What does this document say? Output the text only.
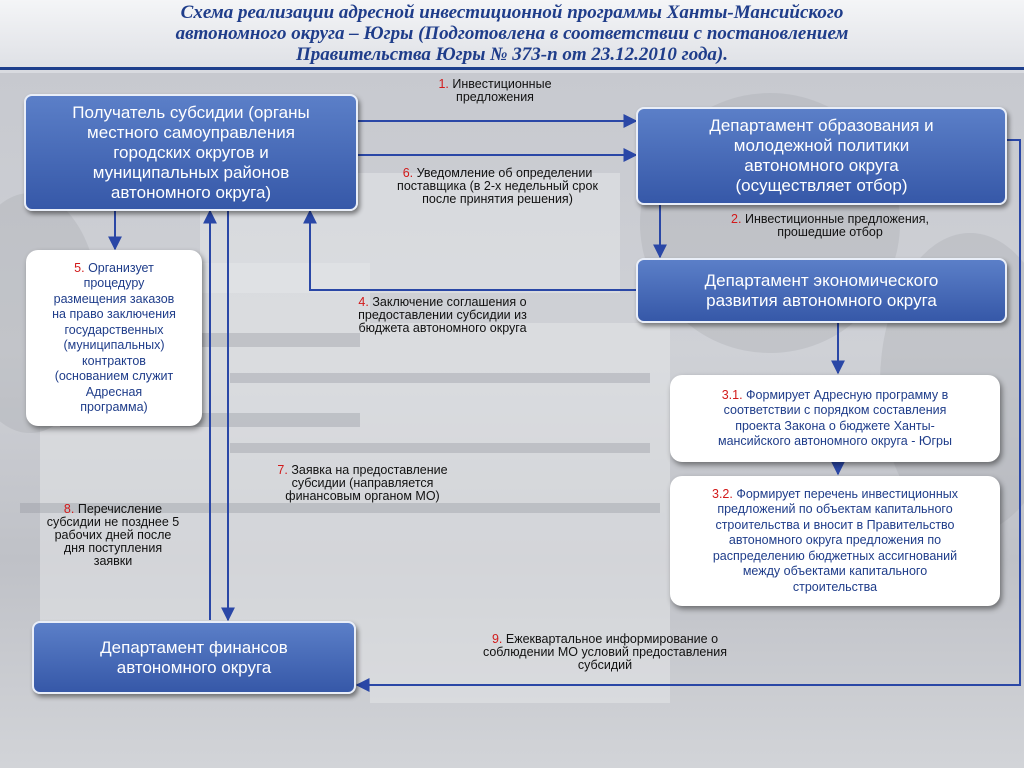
Схема реализации адресной инвестиционной программы Ханты-Мансийского
автономного округа – Югры (Подготовлена в соответствии с постановлением
Правительства Югры № 373-п от 23.12.2010 года).
Получатель субсидии (органы
местного самоуправления
городских округов и
муниципальных районов
автономного округа)
Департамент образования и
молодежной политики
автономного округа
(осуществляет отбор)
Департамент экономического
развития автономного округа
Департамент финансов
автономного округа
5. Организует
процедуру
размещения заказов
на право заключения
государственных
(муниципальных)
контрактов
(основанием служит
Адресная
программа)
3.1. Формирует Адресную программу в
соответствии с порядком составления
проекта Закона о бюджете Ханты-
мансийского автономного округа - Югры
3.2. Формирует перечень инвестиционных
предложений по объектам капитального
строительства и вносит в Правительство
автономного округа предложения по
распределению бюджетных ассигнований
между объектами капитального
строительства
1. Инвестиционные
предложения
6. Уведомление об определении
поставщика (в 2-х недельный срок
после принятия решения)
2. Инвестиционные предложения,
прошедшие отбор
4. Заключение соглашения о
предоставлении субсидии из
бюджета автономного округа
7. Заявка на предоставление
субсидии (направляется
финансовым органом МО)
8. Перечисление
субсидии не позднее 5
рабочих дней после
дня поступления
заявки
9. Ежеквартальное информирование о
соблюдении МО условий предоставления
субсидий
